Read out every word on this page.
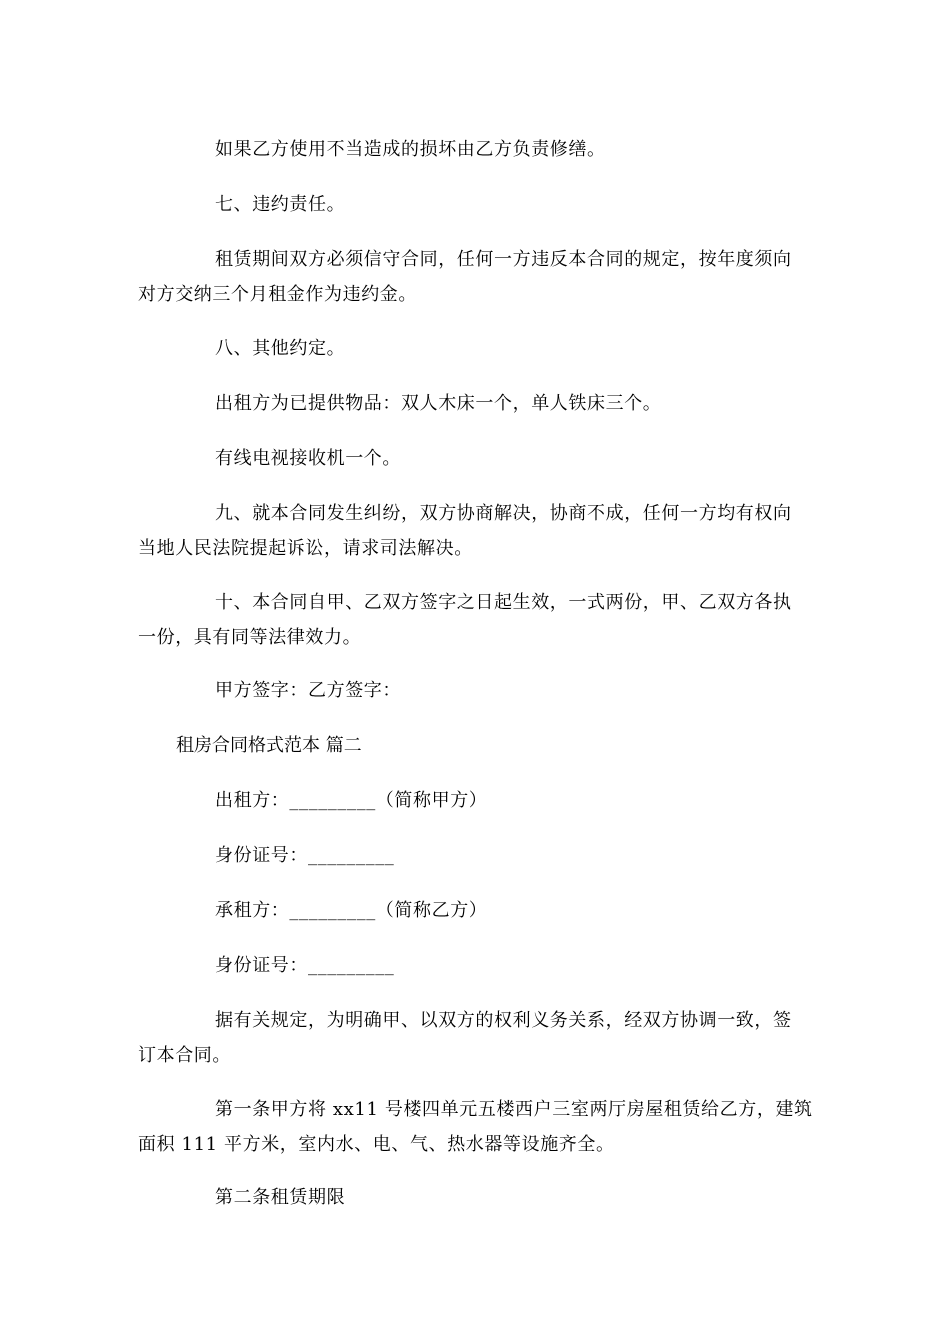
如果乙方使用不当造成的损坏由乙方负责修缮。
七、违约责任。
租赁期间双方必须信守合同，任何一方违反本合同的规定，按年度须向
对方交纳三个月租金作为违约金。
八、其他约定。
出租方为已提供物品：双人木床一个，单人铁床三个。
有线电视接收机一个。
九、就本合同发生纠纷，双方协商解决，协商不成，任何一方均有权向
当地人民法院提起诉讼，请求司法解决。
十、本合同自甲、乙双方签字之日起生效，一式两份，甲、乙双方各执
一份，具有同等法律效力。
甲方签字：乙方签字：
租房合同格式范本 篇二
出租方：_________（简称甲方）
身份证号：_________
承租方：_________（简称乙方）
身份证号：_________
据有关规定，为明确甲、以双方的权利义务关系，经双方协调一致，签
订本合同。
第一条甲方将 xx11 号楼四单元五楼西户三室两厅房屋租赁给乙方，建筑
面积 111 平方米，室内水、电、气、热水器等设施齐全。
第二条租赁期限
